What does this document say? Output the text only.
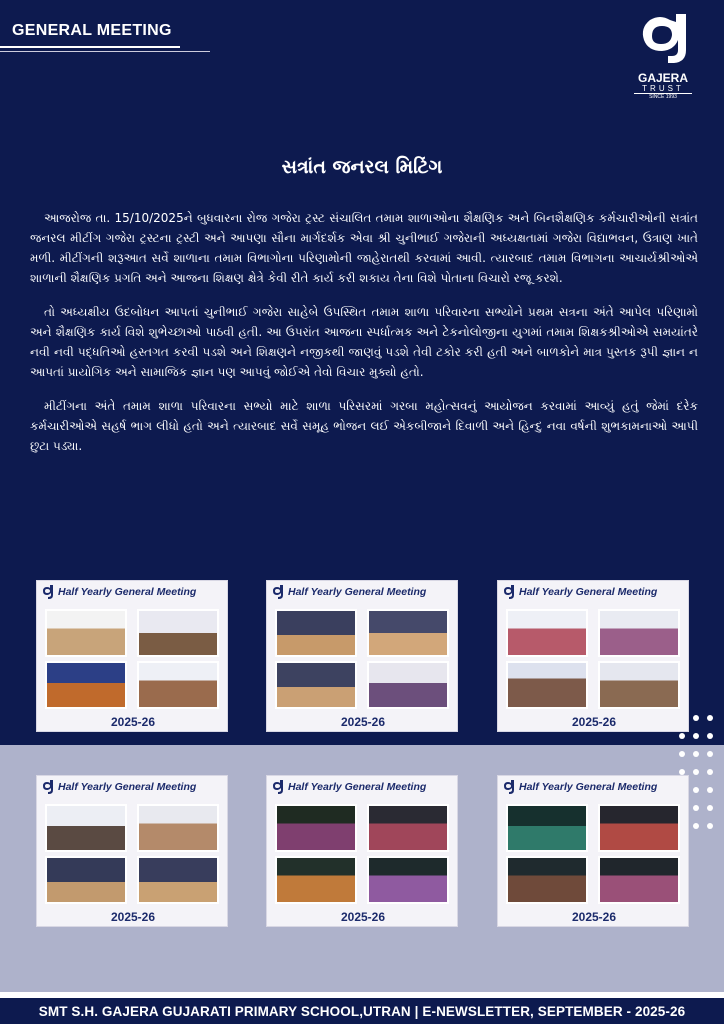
GENERAL MEETING
GAJERA
TRUST
SINCE 1993
સત્રાંત જનરલ મિટિંગ

આજરોજ તા. 15/10/2025ને બુધવારના રોજ ગજેરા ટ્રસ્ટ સંચાલિત તમામ શાળાઓના શૈક્ષણિક અને બિનશૈક્ષણિક કર્મચારીઓની સત્રાંત જનરલ મીટીંગ ગજેરા ટ્રસ્ટના ટ્રસ્ટી અને આપણા સૌના માર્ગદર્શક એવા શ્રી ચુનીભાઈ ગજેરાની અધ્યક્ષતામાં ગજેરા વિદ્યાભવન, ઉત્રાણ ખાતે મળી. મીટીંગની શરૂઆત સર્વે શાળાના તમામ વિભાગોના પરિણામોની જાહેરાતથી કરવામાં આવી. ત્યારબાદ તમામ વિભાગના આચાર્યશ્રીઓએ શાળાની શૈક્ષણિક પ્રગતિ અને આજના શિક્ષણ ક્ષેત્રે કેવી રીતે કાર્ય કરી શકાય તેના વિશે પોતાના વિચારો રજૂ કરશે.

તો અધ્યક્ષીય ઉદબોધન આપતાં ચુનીભાઈ ગજેરા સાહેબે ઉપસ્થિત તમામ શાળા પરિવારના સભ્યોને પ્રથમ સત્રના અંતે આપેલ પરિણામો અને શૈક્ષણિક કાર્ય વિશે શુભેચ્છાઓ પાઠવી હતી. આ ઉપરાંત આજના સ્પર્ધાત્મક અને ટેકનોલોજીના યુગમાં તમામ શિક્ષકશ્રીઓએ સમયાંતરે નવી નવી પદ્ધતિઓ હસ્તગત કરવી પડશે અને શિક્ષણને નજીકથી જાણવું પડશે તેવી ટકોર કરી હતી અને બાળકોને માત્ર પુસ્તક રૂપી જ્ઞાન ન આપતાં પ્રાયોગિક અને સામાજિક જ્ઞાન પણ આપવું જોઈએ તેવો વિચાર મુક્યો હતો.

મીટીંગના અંતે તમામ શાળા પરિવારના સભ્યો માટે શાળા પરિસરમાં ગરબા મહોત્સવનું આયોજન કરવામાં આવ્યું હતું જેમાં દરેક કર્મચારીઓએ સહર્ષ ભાગ લીધો હતો અને ત્યારબાદ સર્વે સમૂહ ભોજન લઈ એકબીજાને દિવાળી અને હિન્દુ નવા વર્ષની શુભકામનાઓ આપી છુટા પડ્યા.

Half Yearly General Meeting
2025-26
Half Yearly General Meeting
2025-26
Half Yearly General Meeting
2025-26
Half Yearly General Meeting
2025-26
Half Yearly General Meeting
2025-26
Half Yearly General Meeting
2025-26
SMT S.H. GAJERA GUJARATI PRIMARY SCHOOL,UTRAN | E-NEWSLETTER, SEPTEMBER - 2025-26
